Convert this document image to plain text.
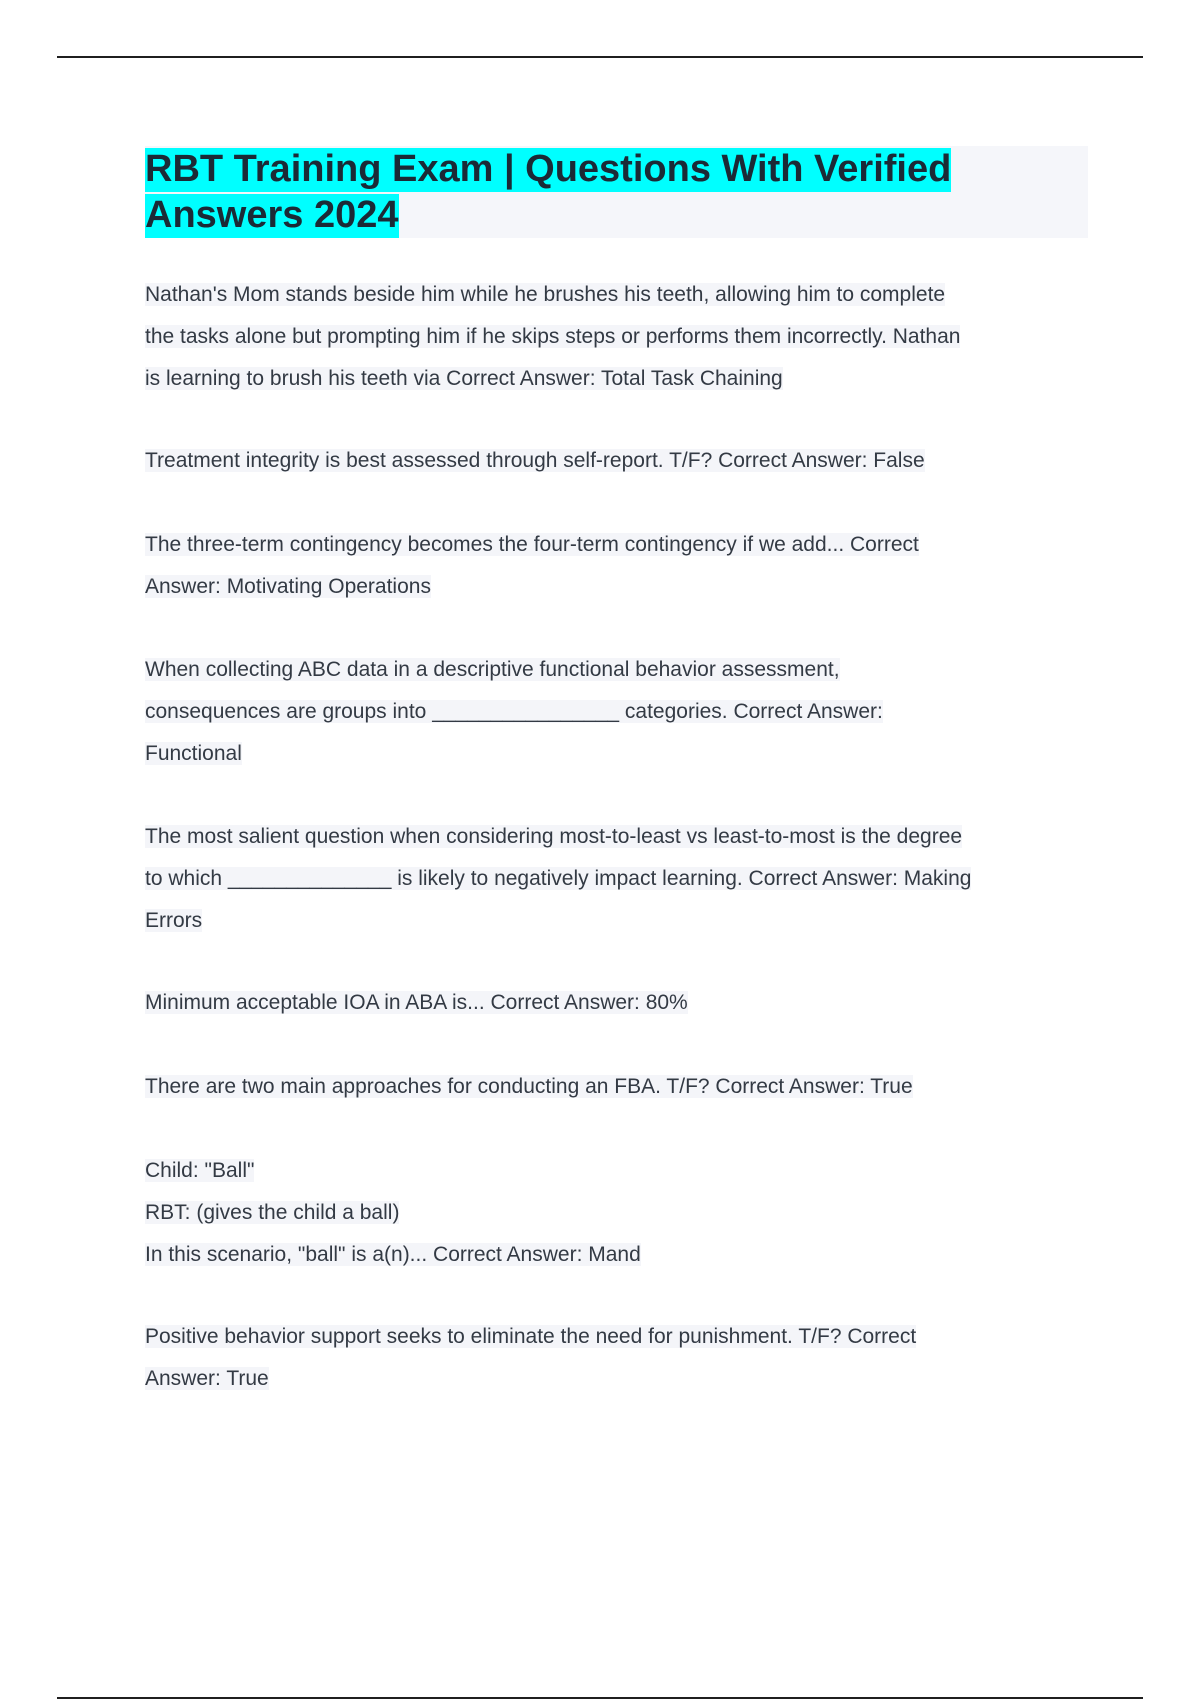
RBT Training Exam | Questions With Verified
Answers 2024
Nathan's Mom stands beside him while he brushes his teeth, allowing him to complete
the tasks alone but prompting him if he skips steps or performs them incorrectly. Nathan
is learning to brush his teeth via Correct Answer: Total Task Chaining
Treatment integrity is best assessed through self-report. T/F? Correct Answer: False
The three-term contingency becomes the four-term contingency if we add... Correct
Answer: Motivating Operations
When collecting ABC data in a descriptive functional behavior assessment,
consequences are groups into ________________ categories. Correct Answer:
Functional
The most salient question when considering most-to-least vs least-to-most is the degree
to which ______________ is likely to negatively impact learning. Correct Answer: Making
Errors
Minimum acceptable IOA in ABA is... Correct Answer: 80%
There are two main approaches for conducting an FBA. T/F? Correct Answer: True
Child: "Ball"
RBT: (gives the child a ball)
In this scenario, "ball" is a(n)... Correct Answer: Mand
Positive behavior support seeks to eliminate the need for punishment. T/F? Correct
Answer: True
